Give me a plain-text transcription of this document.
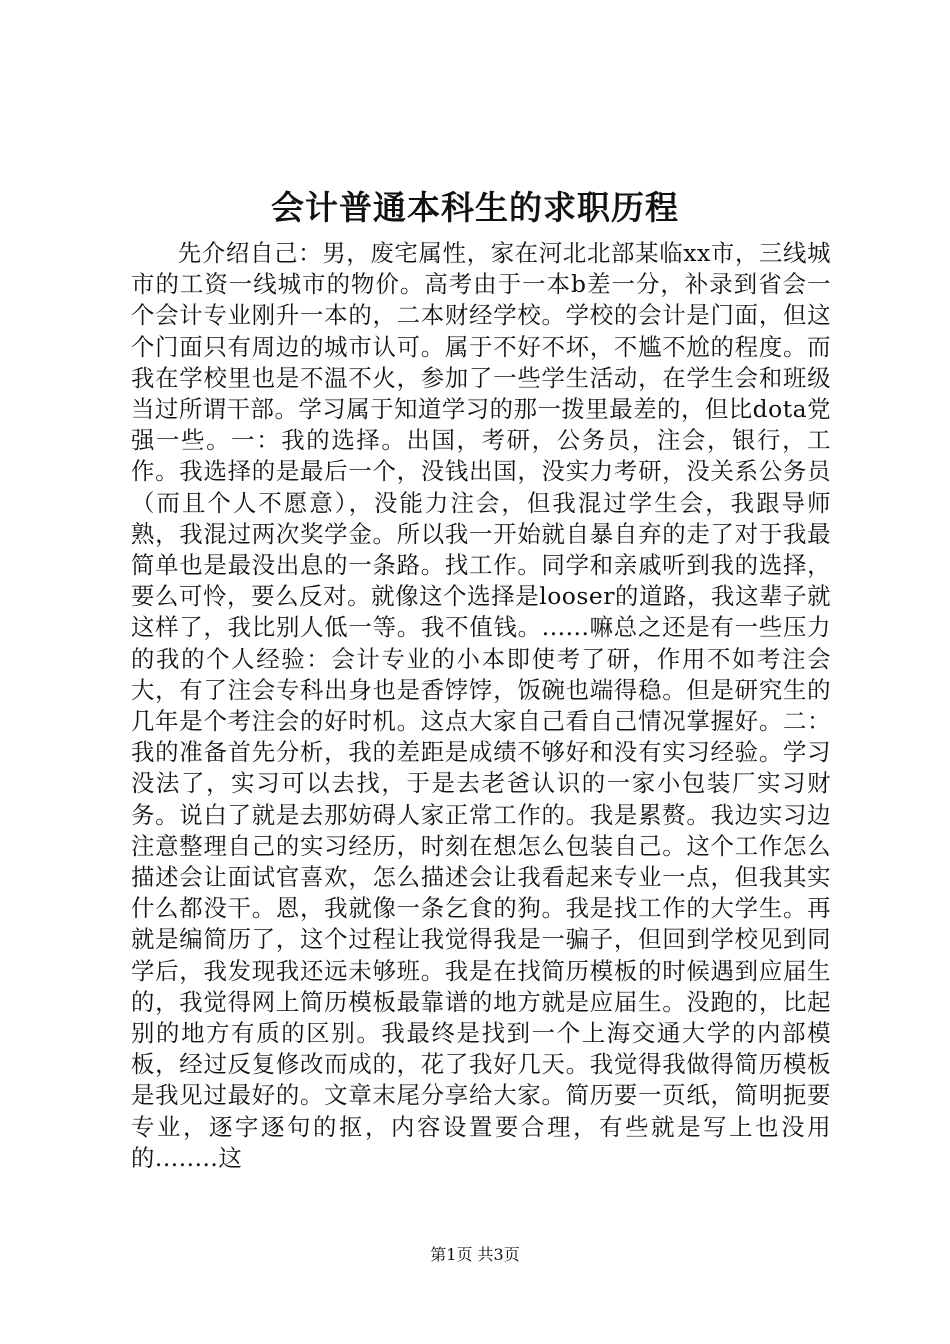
会计普通本科生的求职历程

先介绍自己：男，废宅属性，家在河北北部某临xx市，三线城市的工资一线城市的物价。高考由于一本b差一分，补录到省会一个会计专业刚升一本的，二本财经学校。学校的会计是门面，但这个门面只有周边的城市认可。属于不好不坏，不尴不尬的程度。而我在学校里也是不温不火，参加了一些学生活动，在学生会和班级当过所谓干部。学习属于知道学习的那一拨里最差的，但比dota党强一些。一：我的选择。出国，考研，公务员，注会，银行，工作。我选择的是最后一个，没钱出国，没实力考研，没关系公务员（而且个人不愿意），没能力注会，但我混过学生会，我跟导师熟，我混过两次奖学金。所以我一开始就自暴自弃的走了对于我最简单也是最没出息的一条路。找工作。同学和亲戚听到我的选择，要么可怜，要么反对。就像这个选择是looser的道路，我这辈子就这样了，我比别人低一等。我不值钱。......嘛总之还是有一些压力的我的个人经验：会计专业的小本即使考了研，作用不如考注会大，有了注会专科出身也是香饽饽，饭碗也端得稳。但是研究生的几年是个考注会的好时机。这点大家自己看自己情况掌握好。二：我的准备首先分析，我的差距是成绩不够好和没有实习经验。学习没法了，实习可以去找，于是去老爸认识的一家小包装厂实习财务。说白了就是去那妨碍人家正常工作的。我是累赘。我边实习边注意整理自己的实习经历，时刻在想怎么包装自己。这个工作怎么描述会让面试官喜欢，怎么描述会让我看起来专业一点，但我其实什么都没干。恩，我就像一条乞食的狗。我是找工作的大学生。再就是编简历了，这个过程让我觉得我是一骗子，但回到学校见到同学后，我发现我还远未够班。我是在找简历模板的时候遇到应届生的，我觉得网上简历模板最靠谱的地方就是应届生。没跑的，比起别的地方有质的区别。我最终是找到一个上海交通大学的内部模板，经过反复修改而成的，花了我好几天。我觉得我做得简历模板是我见过最好的。文章末尾分享给大家。简历要一页纸，简明扼要专业，逐字逐句的抠，内容设置要合理，有些就是写上也没用的........这

第1页 共3页
